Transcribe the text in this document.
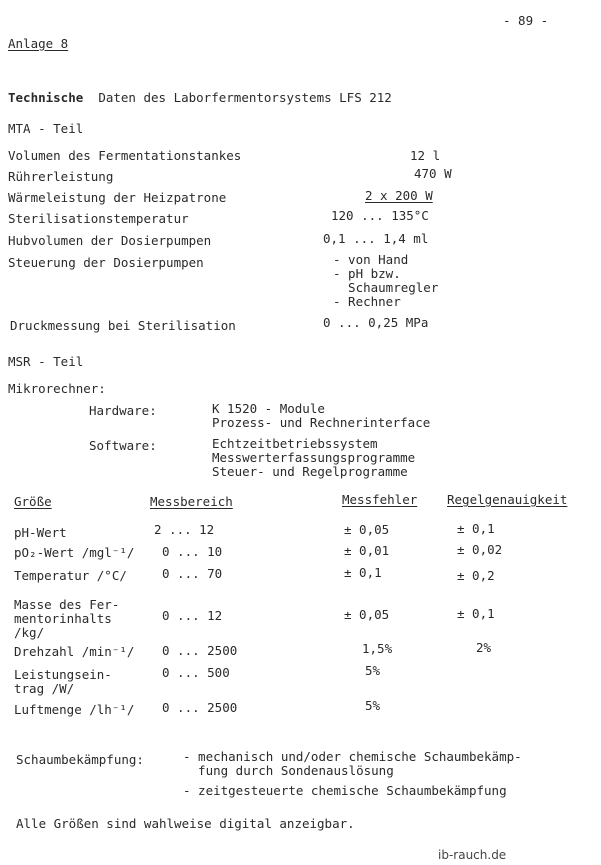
- 89 -
Anlage 8
Technische Daten des Laborfermentorsystems LFS 212
MTA - Teil
Volumen des Fermentationstankes	12 l
Rührerleistung	470 W
Wärmeleistung der Heizpatrone	2 x 200 W
Sterilisationstemperatur	120 ... 135°C
Hubvolumen der Dosierpumpen	0,1 ... 1,4 ml
Steuerung der Dosierpumpen	- von Hand
- pH bzw.
Schaumregler
- Rechner
Druckmessung bei Sterilisation	0 ... 0,25 MPa
MSR - Teil
Mikrorechner:
Hardware:	K 1520 - Module
Prozess- und Rechnerinterface
Software:	Echtzeitbetriebssystem
Messwerterfassungsprogramme
Steuer- und Regelprogramme
Größe	Messbereich	Messfehler Regelgenauigkeit
pH-Wert	2 ... 12	± 0,05	± 0,1
pO₂-Wert /mgl⁻¹/ 0 ... 10	± 0,01	± 0,02
Temperatur /°C/	0 ... 70	± 0,1	± 0,2
Masse des Fer-
mentorinhalts
/kg/
0 ... 12	± 0,05	± 0,1
Drehzahl /min⁻¹/ 0 ... 2500	1,5%	2%
Leistungsein-
trag /W/
0 ... 500	5%
Luftmenge /lh⁻¹/ 0 ... 2500	5%
Schaumbekämpfung:	- mechanisch und/oder chemische Schaumbekämp-
fung durch Sondenauslösung
- zeitgesteuerte chemische Schaumbekämpfung
Alle Größen sind wahlweise digital anzeigbar.
ib-rauch.de
